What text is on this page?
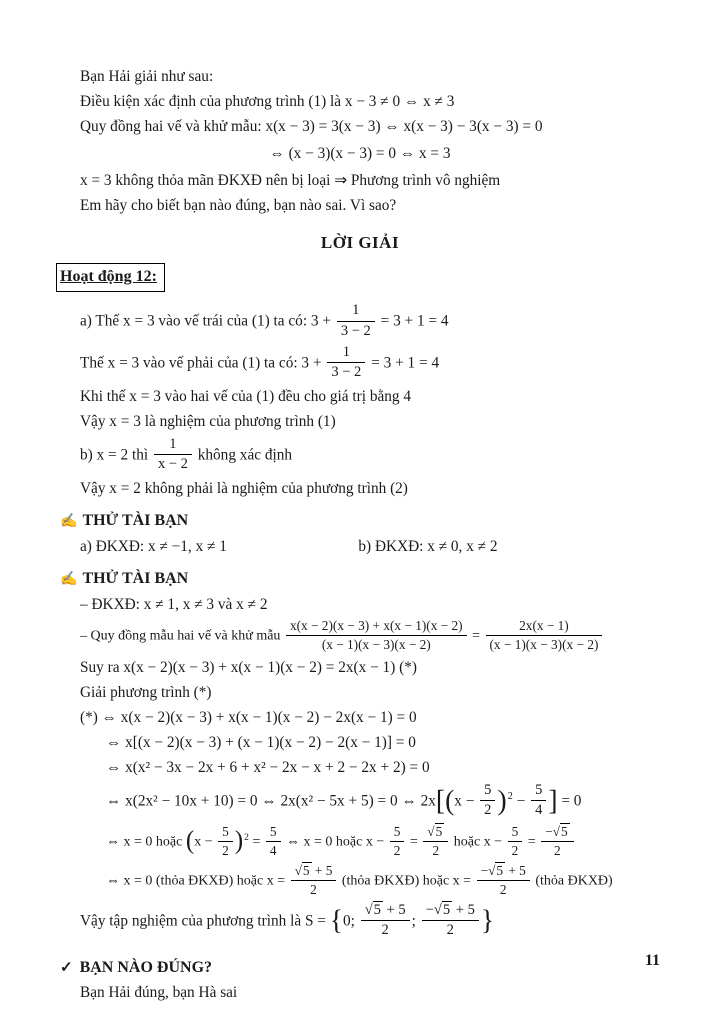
Bạn Hải giải như sau:
Điều kiện xác định của phương trình (1) là x − 3 ≠ 0 ⇔ x ≠ 3
Quy đồng hai vế và khử mẫu: x(x − 3) = 3(x − 3) ⇔ x(x − 3) − 3(x − 3) = 0
⇔ (x − 3)(x − 3) = 0 ⇔ x = 3
x = 3 không thỏa mãn ĐKXĐ nên bị loại ⇒ Phương trình vô nghiệm
Em hãy cho biết bạn nào đúng, bạn nào sai. Vì sao?
LỜI GIẢI
Hoạt động 12:
a) Thế x = 3 vào vế trái của (1) ta có: $3 + \frac{1}{3 - 2} = 3 + 1 = 4$
Thế x = 3 vào vế phải của (1) ta có: $3 + \frac{1}{3 - 2} = 3 + 1 = 4$
Khi thế x = 3 vào hai vế của (1) đều cho giá trị bằng 4
Vậy x = 3 là nghiệm của phương trình (1)
b) x = 2 thì $\frac{1}{x - 2}$ không xác định
Vậy x = 2 không phải là nghiệm của phương trình (2)
✍ THỬ TÀI BẠN
a) ĐKXĐ: x ≠ −1, x ≠ 1	b) ĐKXĐ: x ≠ 0, x ≠ 2
✍ THỬ TÀI BẠN
– ĐKXĐ: x ≠ 1, x ≠ 3 và x ≠ 2
– Quy đồng mẫu hai vế và khử mẫu $\frac{x(x - 2)(x - 3) + x(x - 1)(x - 2)}{(x - 1)(x - 3)(x - 2)} = \frac{2x(x - 1)}{(x - 1)(x - 3)(x - 2)}$
Suy ra x(x − 2)(x − 3) + x(x − 1)(x − 2) = 2x(x − 1) (*)
Giải phương trình (*)
(*) ⇔ x(x − 2)(x − 3) + x(x − 1)(x − 2) − 2x(x − 1) = 0
⇔ x[(x − 2)(x − 3) + (x − 1)(x − 2) − 2(x − 1)] = 0
⇔ x(x² − 3x − 2x + 6 + x² − 2x − x + 2 − 2x + 2) = 0
⇔ x(2x² − 10x + 10) = 0 ⇔ 2x(x² − 5x + 5) = 0 ⇔ $2x[(x - \frac{5}{2} )^2 - \frac{5}{4}$ ] = 0
⇔ x = 0 hoặc $(x - \frac{5}{2} )^2 = \frac{5}{4}$ ⇔ x = 0 hoặc $x - \frac{5}{2} = \frac{√5}{2}$ hoặc $x - \frac{5}{2} = \frac{-√5}{2}$
⇔ x = 0 (thỏa ĐKXĐ) hoặc $x = \frac{√5 + 5}{2}$ (thỏa ĐKXĐ) hoặc $x = \frac{-√5 + 5}{2}$ (thỏa ĐKXĐ)
Vậy tập nghiệm của phương trình là S = {0; $\frac{√5 + 5}{2}$ ; $\frac{-√5 + 5}{2}$ }
✓ BẠN NÀO ĐÚNG?
Bạn Hải đúng, bạn Hà sai
11
